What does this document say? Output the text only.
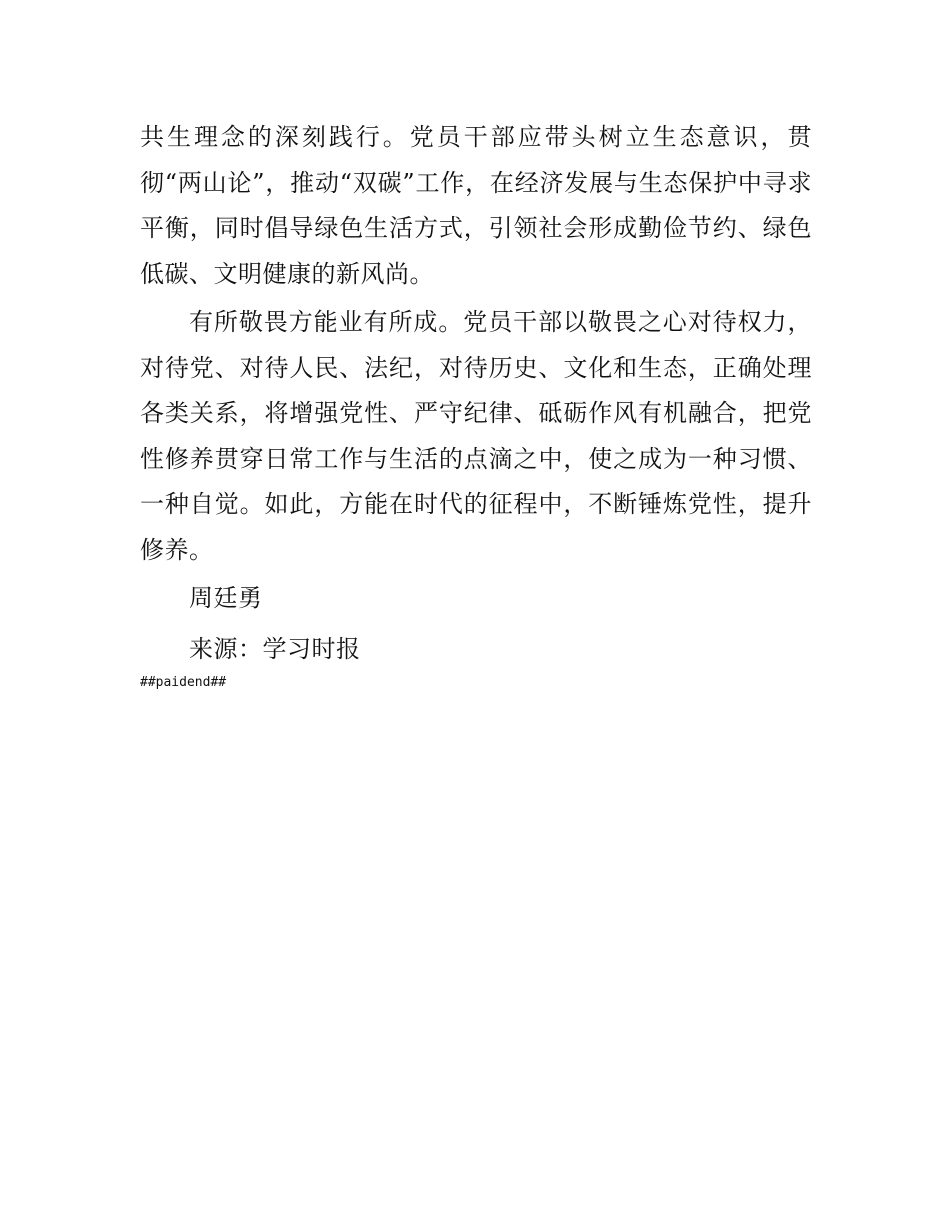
共生理念的深刻践行。党员干部应带头树立生态意识，贯彻“两山论”，推动“双碳”工作，在经济发展与生态保护中寻求平衡，同时倡导绿色生活方式，引领社会形成勤俭节约、绿色低碳、文明健康的新风尚。

有所敬畏方能业有所成。党员干部以敬畏之心对待权力，对待党、对待人民、法纪，对待历史、文化和生态，正确处理各类关系，将增强党性、严守纪律、砥砺作风有机融合，把党性修养贯穿日常工作与生活的点滴之中，使之成为一种习惯、一种自觉。如此，方能在时代的征程中，不断锤炼党性，提升修养。

周廷勇

来源：学习时报

##paidend##
